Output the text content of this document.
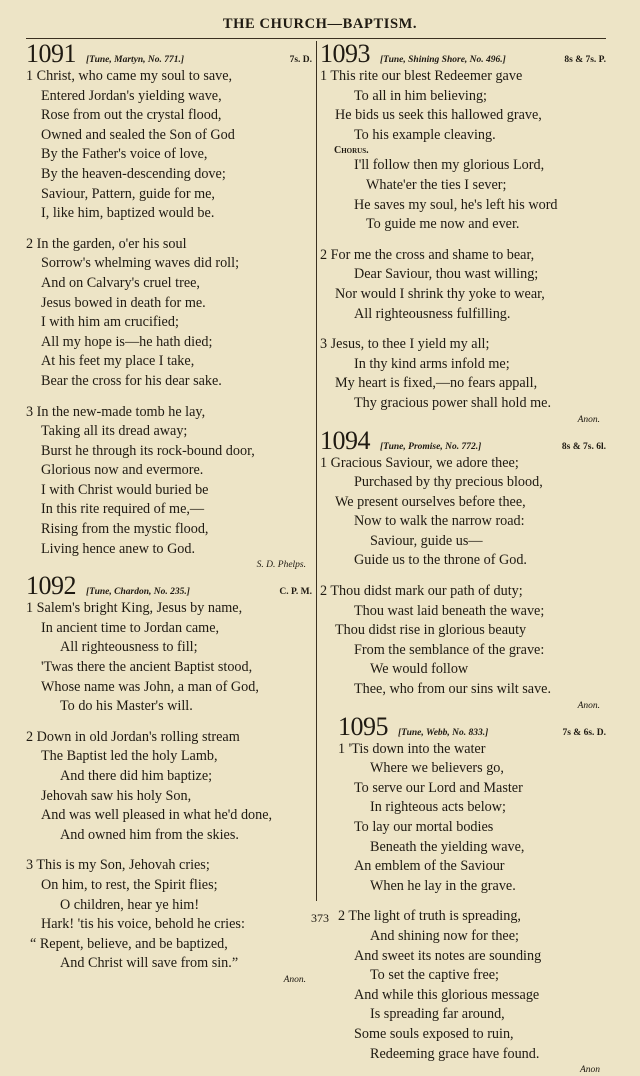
THE CHURCH—BAPTISM.
1091 [Tune, Martyn, No. 771.]	7s. D.
1 Christ, who came my soul to save,
Entered Jordan's yielding wave,
Rose from out the crystal flood,
Owned and sealed the Son of God
By the Father's voice of love,
By the heaven-descending dove;
Saviour, Pattern, guide for me,
I, like him, baptized would be.
2 In the garden, o'er his soul
Sorrow's whelming waves did roll;
And on Calvary's cruel tree,
Jesus bowed in death for me.
I with him am crucified;
All my hope is—he hath died;
At his feet my place I take,
Bear the cross for his dear sake.
3 In the new-made tomb he lay,
Taking all its dread away;
Burst he through its rock-bound door,
Glorious now and evermore.
I with Christ would buried be
In this rite required of me,—
Rising from the mystic flood,
Living hence anew to God.
S. D. Phelps.
1092 [Tune, Chardon, No. 235.]	C. P. M.
1 Salem's bright King, Jesus by name,
In ancient time to Jordan came,
All righteousness to fill;
'Twas there the ancient Baptist stood,
Whose name was John, a man of God,
To do his Master's will.
2 Down in old Jordan's rolling stream
The Baptist led the holy Lamb,
And there did him baptize;
Jehovah saw his holy Son,
And was well pleased in what he'd done,
And owned him from the skies.
3 This is my Son, Jehovah cries;
On him, to rest, the Spirit flies;
O children, hear ye him!
Hark! 'tis his voice, behold he cries:
“ Repent, believe, and be baptized,
And Christ will save from sin.”
Anon.
1093 [Tune, Shining Shore, No. 496.]	8s & 7s. P.
1 This rite our blest Redeemer gave
To all in him believing;
He bids us seek this hallowed grave,
To his example cleaving.
Chorus.
I'll follow then my glorious Lord,
Whate'er the ties I sever;
He saves my soul, he's left his word
To guide me now and ever.
2 For me the cross and shame to bear,
Dear Saviour, thou wast willing;
Nor would I shrink thy yoke to wear,
All righteousness fulfilling.
3 Jesus, to thee I yield my all;
In thy kind arms infold me;
My heart is fixed,—no fears appall,
Thy gracious power shall hold me.
Anon.
1094 [Tune, Promise, No. 772.]	8s & 7s. 6l.
1 Gracious Saviour, we adore thee;
Purchased by thy precious blood,
We present ourselves before thee,
Now to walk the narrow road:
Saviour, guide us—
Guide us to the throne of God.
2 Thou didst mark our path of duty;
Thou wast laid beneath the wave;
Thou didst rise in glorious beauty
From the semblance of the grave:
We would follow
Thee, who from our sins wilt save.
Anon.
1095 [Tune, Webb, No. 833.]	7s & 6s. D.
1 'Tis down into the water
Where we believers go,
To serve our Lord and Master
In righteous acts below;
To lay our mortal bodies
Beneath the yielding wave,
An emblem of the Saviour
When he lay in the grave.
2 The light of truth is spreading,
And shining now for thee;
And sweet its notes are sounding
To set the captive free;
And while this glorious message
Is spreading far around,
Some souls exposed to ruin,
Redeeming grace have found.
Anon
373
